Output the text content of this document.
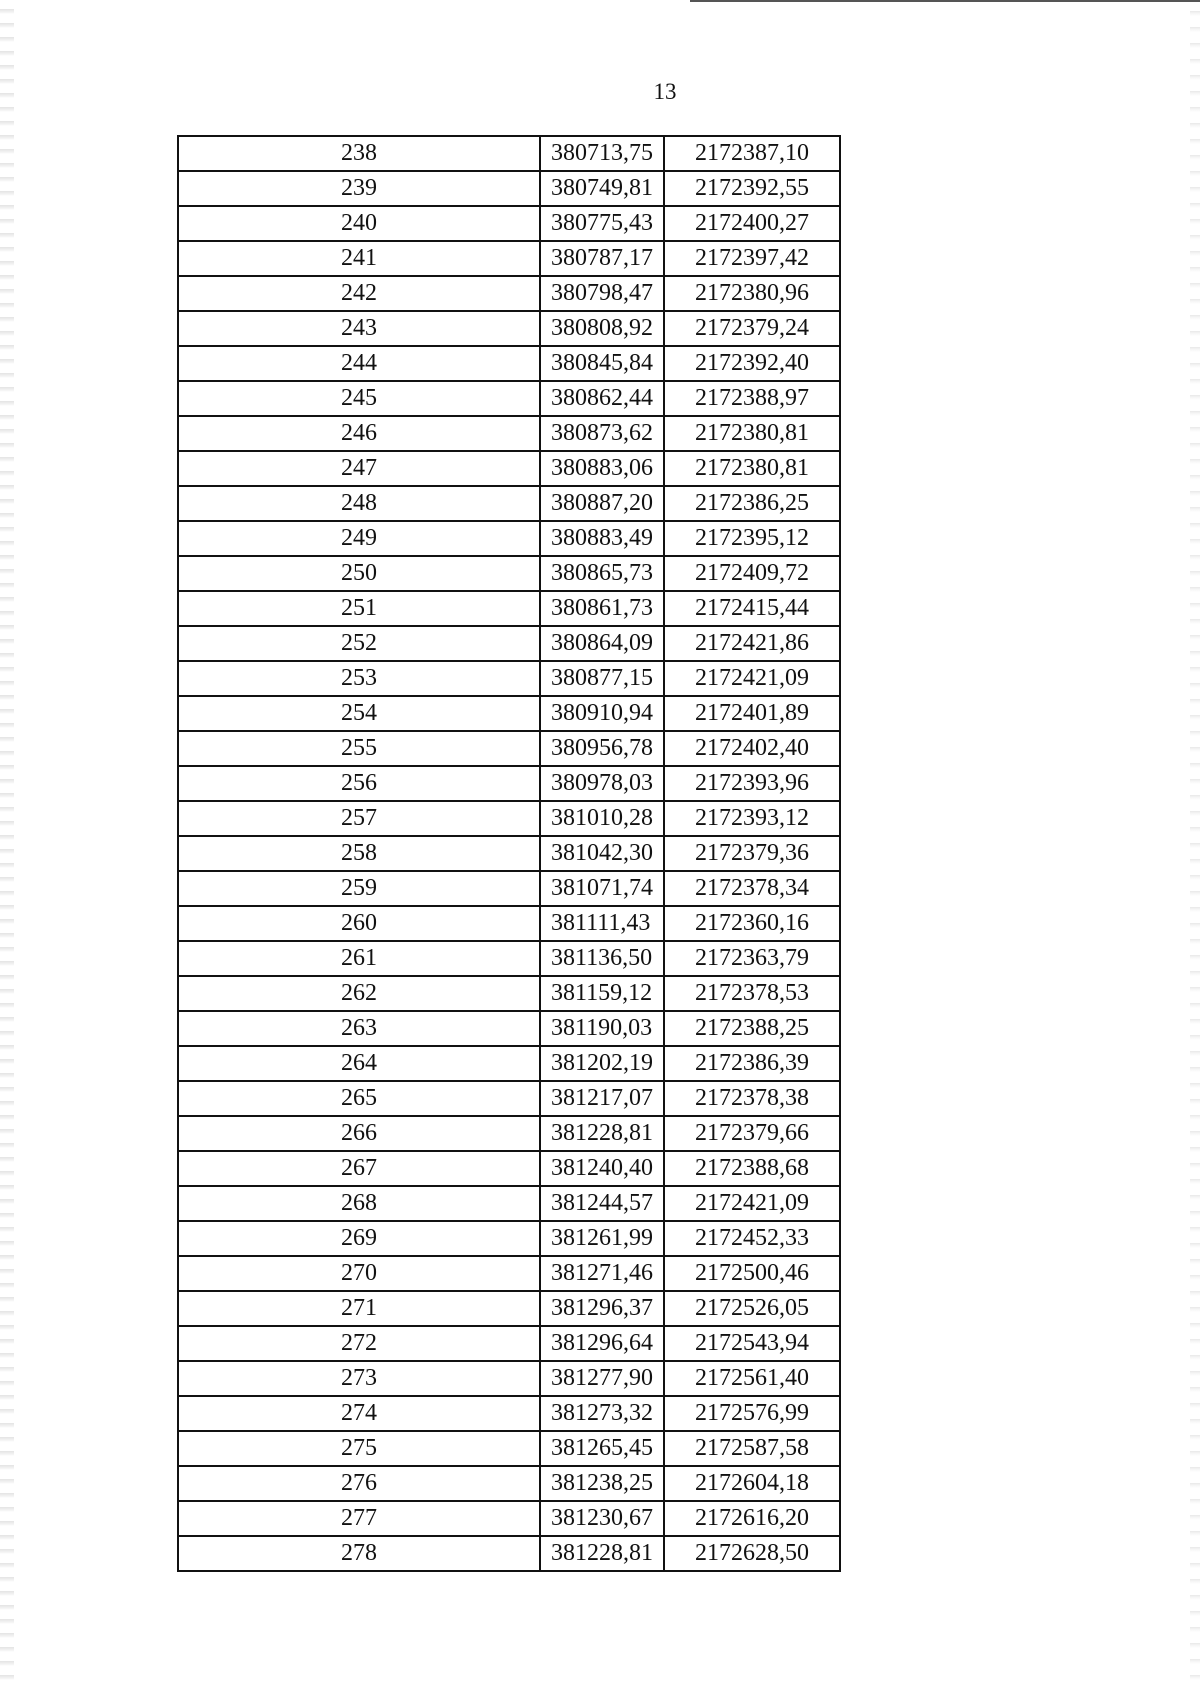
13
238	380713,75	2172387,10
239	380749,81	2172392,55
240	380775,43	2172400,27
241	380787,17	2172397,42
242	380798,47	2172380,96
243	380808,92	2172379,24
244	380845,84	2172392,40
245	380862,44	2172388,97
246	380873,62	2172380,81
247	380883,06	2172380,81
248	380887,20	2172386,25
249	380883,49	2172395,12
250	380865,73	2172409,72
251	380861,73	2172415,44
252	380864,09	2172421,86
253	380877,15	2172421,09
254	380910,94	2172401,89
255	380956,78	2172402,40
256	380978,03	2172393,96
257	381010,28	2172393,12
258	381042,30	2172379,36
259	381071,74	2172378,34
260	381111,43	2172360,16
261	381136,50	2172363,79
262	381159,12	2172378,53
263	381190,03	2172388,25
264	381202,19	2172386,39
265	381217,07	2172378,38
266	381228,81	2172379,66
267	381240,40	2172388,68
268	381244,57	2172421,09
269	381261,99	2172452,33
270	381271,46	2172500,46
271	381296,37	2172526,05
272	381296,64	2172543,94
273	381277,90	2172561,40
274	381273,32	2172576,99
275	381265,45	2172587,58
276	381238,25	2172604,18
277	381230,67	2172616,20
278	381228,81	2172628,50
